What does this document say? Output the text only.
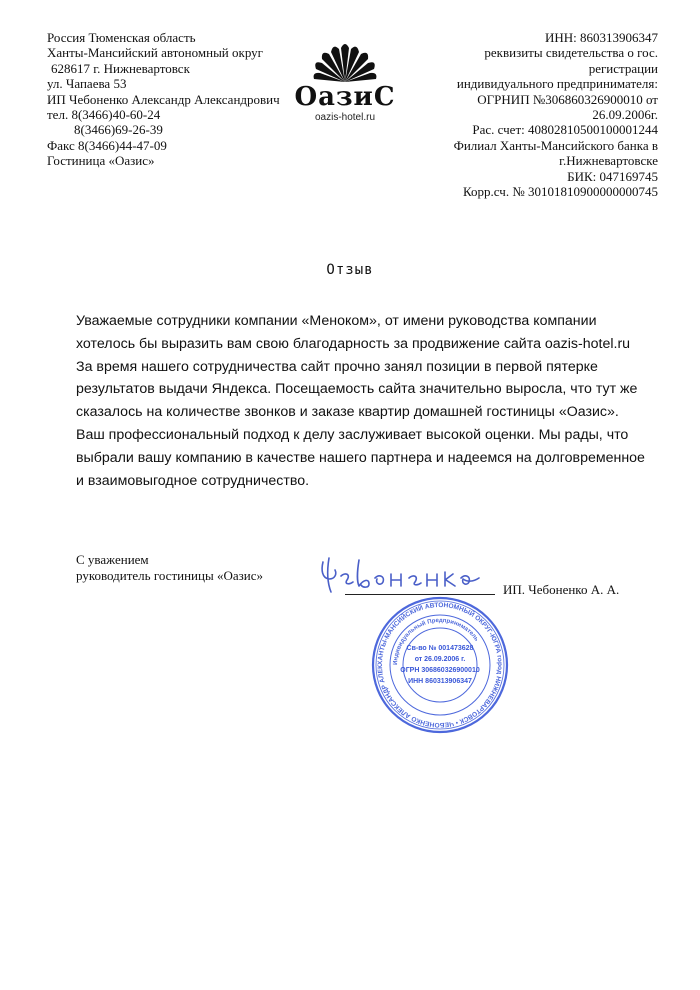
Россия Тюменская область
Ханты-Мансийский автономный округ
628617 г. Нижневартовск
ул. Чапаева 53
ИП Чебоненко Александр Александрович
тел. 8(3466)40-60-24
8(3466)69-26-39
Факс 8(3466)44-47-09
Гостиница «Оазис»
ОазиС
oazis-hotel.ru
ИНН: 860313906347
реквизиты свидетельства о гос.
регистрации
индивидуального предпринимателя:
ОГРНИП №306860326900010 от
26.09.2006г.
Рас. счет: 40802810500100001244
Филиал Ханты-Мансийского банка в
г.Нижневартовске
БИК: 047169745
Корр.сч. № 30101810900000000745
Отзыв
Уважаемые сотрудники компании «Меноком», от имени руководства компании
хотелось бы выразить вам свою благодарность за продвижение сайта oazis-hotel.ru
За время нашего сотрудничества сайт прочно занял позиции в первой пятерке
результатов выдачи Яндекса. Посещаемость сайта значительно выросла, что тут же
сказалось на количестве звонков и заказе квартир домашней гостиницы «Оазис».
Ваш профессиональный подход к делу заслуживает высокой оценки. Мы рады, что
выбрали вашу компанию в качестве нашего партнера и надеемся на долговременное
и взаимовыгодное сотрудничество.
С уважением
руководитель гостиницы «Оазис»
ИП. Чебоненко А. А.
ХАНТЫ-МАНСИЙСКИЙ АВТОНОМНЫЙ ОКРУГ-ЮГРА город НИЖНЕВАРТОВСК • ЧЕБОНЕНКО АЛЕКСАНДР АЛЕК
Индивидуальный Предприниматель
Св-во № 001473628
от 26.09.2006 г.
ОГРН 306860326900010
ИНН 860313906347
